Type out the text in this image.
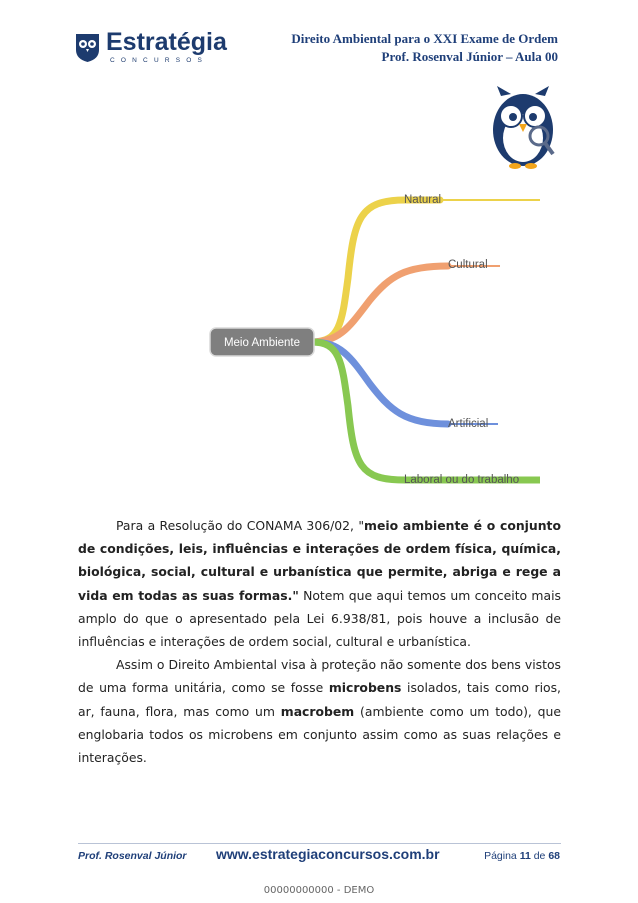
Estratégia
CONCURSOS
Direito Ambiental para o XXI Exame de Ordem
Prof. Rosenval Júnior – Aula 00
Meio Ambiente
Natural
Cultural
Artificial
Laboral ou do trabalho

Para a Resolução do CONAMA 306/02, "meio ambiente é o conjunto de condições, leis, influências e interações de ordem física, química, biológica, social, cultural e urbanística que permite, abriga e rege a vida em todas as suas formas." Notem que aqui temos um conceito mais amplo do que o apresentado pela Lei 6.938/81, pois houve a inclusão de influências e interações de ordem social, cultural e urbanística.

Assim o Direito Ambiental visa à proteção não somente dos bens vistos de uma forma unitária, como se fosse microbens isolados, tais como rios, ar, fauna, flora, mas como um macrobem (ambiente como um todo), que englobaria todos os microbens em conjunto assim como as suas relações e interações.

Prof. Rosenval Júnior www.estrategiaconcursos.com.br	Página 11 de 68
00000000000 - DEMO
